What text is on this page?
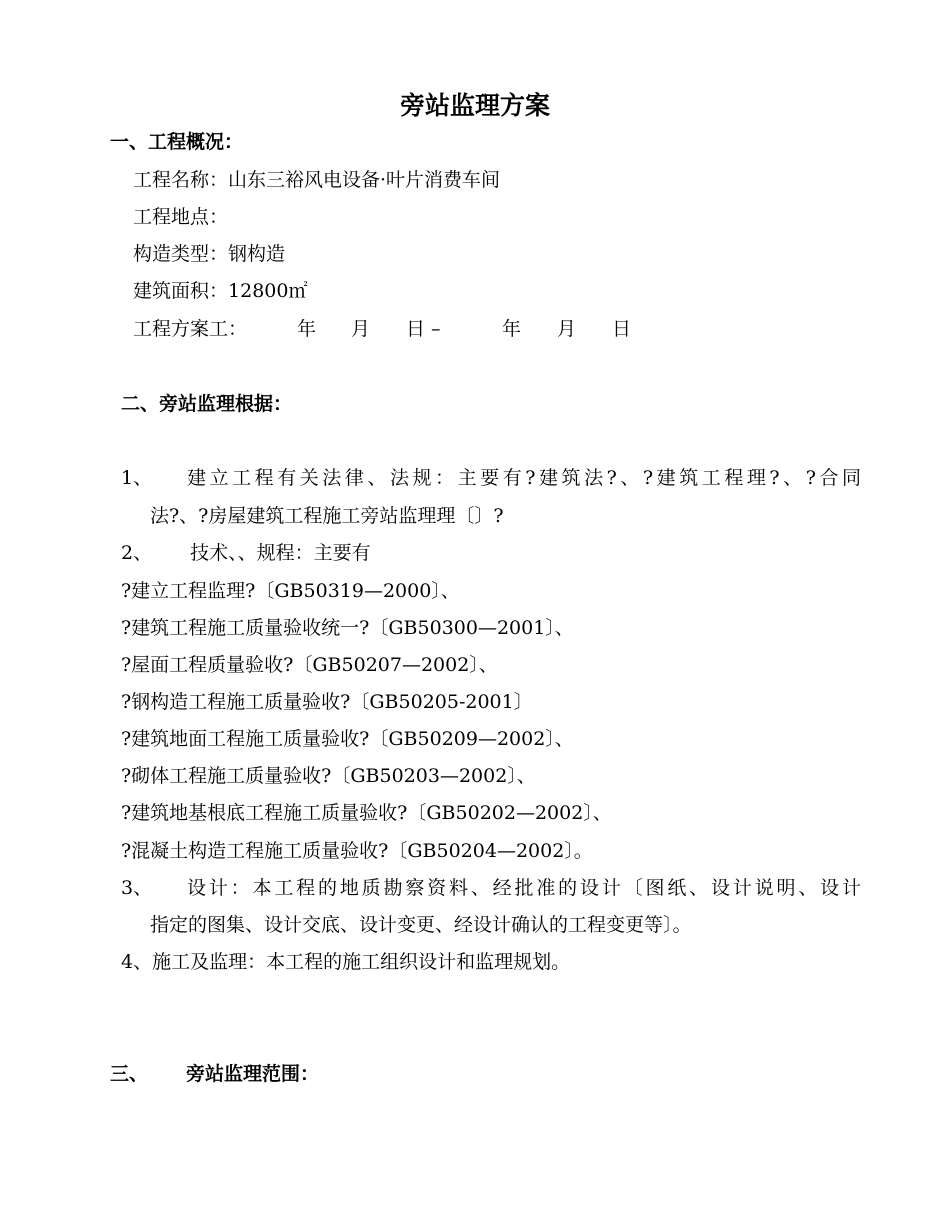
旁站监理方案
一、工程概况：
工程名称：山东三裕风电设备·叶片消费车间
工程地点：
构造类型：钢构造
建筑面积：12800㎡
工程方案工：	年 月 日 –	年 月 日
二、旁站监理根据：
1、 建立工程有关法律、法规：主要有?建筑法?、?建筑工程理?、?合同
法?、?房屋建筑工程施工旁站监理理〔〕?
2、 技术、、规程：主要有
?建立工程监理?〔GB50319—2000〕、
?建筑工程施工质量验收统一?〔GB50300—2001〕、
?屋面工程质量验收?〔GB50207—2002〕、
?钢构造工程施工质量验收?〔GB50205-2001〕
?建筑地面工程施工质量验收?〔GB50209—2002〕、
?砌体工程施工质量验收?〔GB50203—2002〕、
?建筑地基根底工程施工质量验收?〔GB50202—2002〕、
?混凝土构造工程施工质量验收?〔GB50204—2002〕。
3、 设计：本工程的地质勘察资料、经批准的设计〔图纸、设计说明、设计
指定的图集、设计交底、设计变更、经设计确认的工程变更等〕。
4、施工及监理：本工程的施工组织设计和监理规划。
三、 旁站监理范围：
